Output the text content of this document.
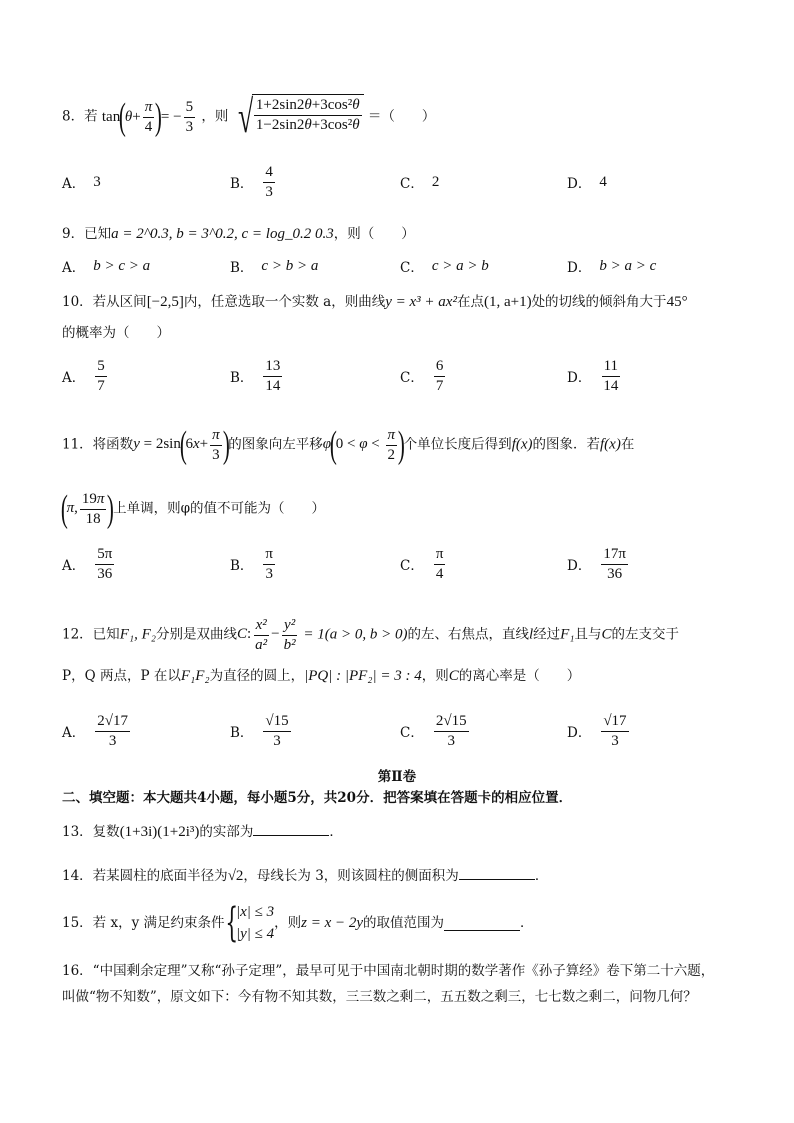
8．若 $\tan(\theta+ \frac{\pi}{4}$ )= − $\frac{5}{3}$ ，则 √ $\frac{\text{1+2sin2θ+3cos²θ}}{\text{1−2sin2θ+3cos²θ}}$ ＝（　　）
A． 3	B． $\frac{4}{3}$	C． 2	D． 4
9．已知a = 2^0.3, b = 3^0.2, c = log_0.2 0.3，则（　　）
A． b > c > a	B． c > b > a	C． c > a > b	D． b > a > c
10．若从区间[−2,5]内，任意选取一个实数 a，则曲线y = x³ + ax²在点(1, a+1)处的切线的倾斜角大于45°
的概率为（　　）
A． $\frac{5}{7}$	B． $\frac{13}{14}$	C． $\frac{6}{7}$	D． $\frac{11}{14}$
11．将函数$y = 2\sin(6x+ \frac{\pi}{3}$ )的图象向左平移$\varphi(0 < \varphi < \frac{\pi}{2}$ )个单位长度后得到f(x)的图象．若f(x)在
(π, $\frac{19\pi}{18}$ )上单调，则φ的值不可能为（　　）
A． $\frac{5\pi}{36}$	B． $\frac{\pi}{3}$	C． $\frac{\pi}{4}$	D． $\frac{17\pi}{36}$
12．已知F₁, F₂分别是双曲线C: $\frac{\text{x²}}{\text{a²}} - \frac{\text{y²}}{\text{b²}} = 1(a > 0$, b > 0)的左、右焦点，直线l经过F₁且与C的左支交于
P，Q 两点，P 在以F₁F₂为直径的圆上，|PQ| : |PF₂| = 3 : 4，则C的离心率是（　　）
A． $\frac{2√17}{3}$	B． $\frac{√15}{3}$	C． $\frac{2√15}{3}$	D． $\frac{√17}{3}$
第Ⅱ卷
二、填空题：本大题共4小题，每小题5分，共20分．把答案填在答题卡的相应位置．
13．复数(1+3i)(1+2i³)的实部为	．
14．若某圆柱的底面半径为√2，母线长为 3，则该圆柱的侧面积为	．
15．若 x，y 满足约束条件 {
|x| ≤ 3
|y| ≤ 4
，则 z = x − 2y 的取值范围为	．
16．“中国剩余定理”又称“孙子定理”，最早可见于中国南北朝时期的数学著作《孙子算经》卷下第二十六题，
叫做“物不知数”，原文如下：今有物不知其数，三三数之剩二，五五数之剩三，七七数之剩二，问物几何？
